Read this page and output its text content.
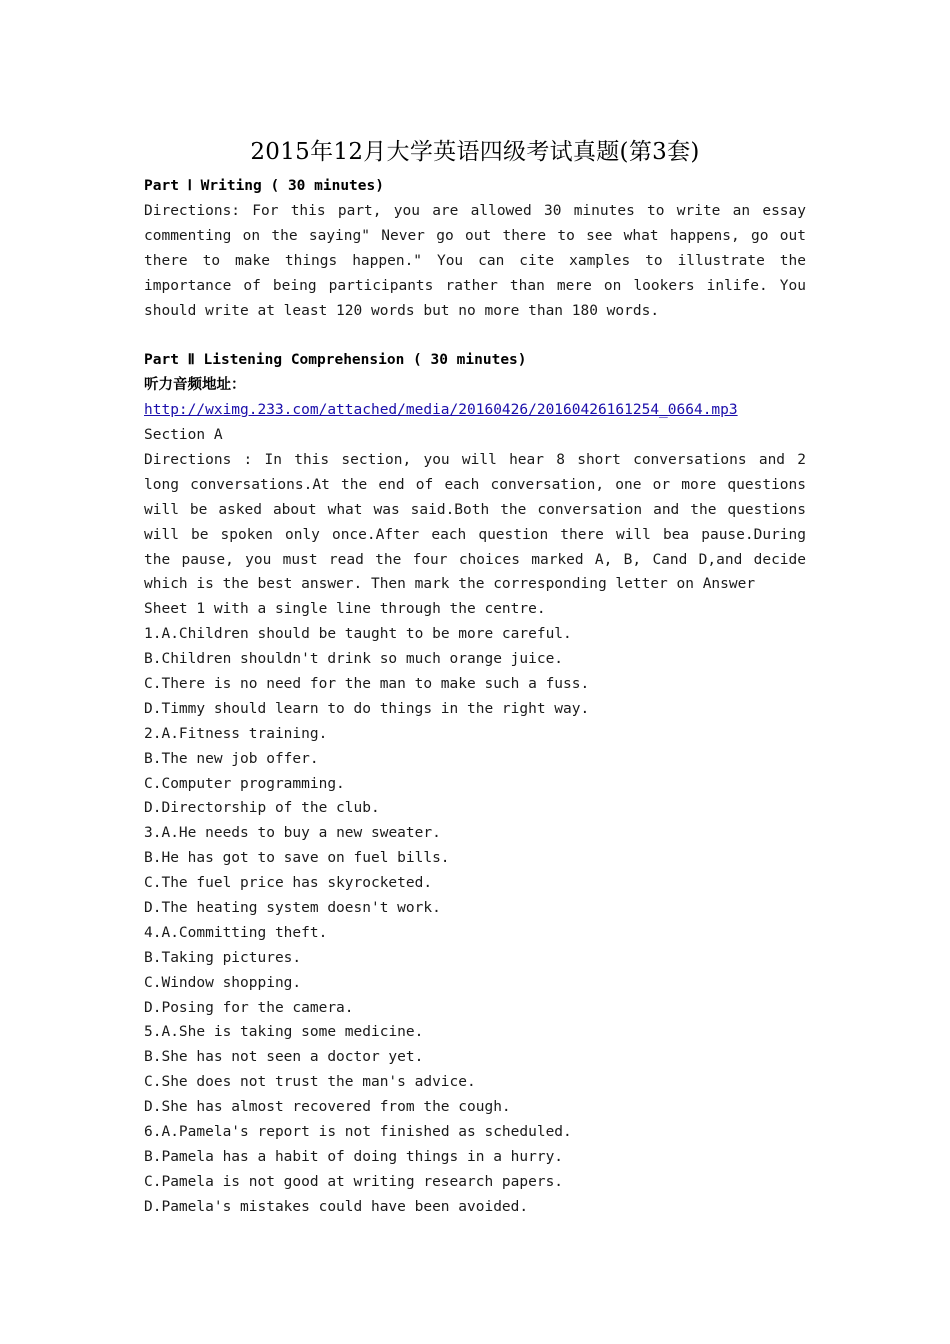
2015年12月大学英语四级考试真题(第3套)
Part Ⅰ Writing ( 30 minutes)

Directions: For this part, you are allowed 30 minutes to write an essay commenting on the saying" Never go out there to see what happens, go out there to make things happen." You can cite xamples to illustrate the importance of being participants rather than mere on lookers inlife. You should write at least 120 words but no more than 180 words.

Part Ⅱ Listening Comprehension ( 30 minutes)
听力音频地址：
http://wximg.233.com/attached/media/20160426/20160426161254_0664.mp3
Section A

Directions : In this section, you will hear 8 short conversations and 2 long conversations.At the end of each conversation, one or more questions will be asked about what was said.Both the conversation and the questions will be spoken only once.After each question there will bea pause.During the pause, you must read the four choices marked A, B, Cand D,and decide which is the best answer. Then mark the corresponding letter on Answer

Sheet 1 with a single line through the centre.
1.A.Children should be taught to be more careful.
B.Children shouldn't drink so much orange juice.
C.There is no need for the man to make such a fuss.
D.Timmy should learn to do things in the right way.
2.A.Fitness training.
B.The new job offer.
C.Computer programming.
D.Directorship of the club.
3.A.He needs to buy a new sweater.
B.He has got to save on fuel bills.
C.The fuel price has skyrocketed.
D.The heating system doesn't work.
4.A.Committing theft.
B.Taking pictures.
C.Window shopping.
D.Posing for the camera.
5.A.She is taking some medicine.
B.She has not seen a doctor yet.
C.She does not trust the man's advice.
D.She has almost recovered from the cough.
6.A.Pamela's report is not finished as scheduled.
B.Pamela has a habit of doing things in a hurry.
C.Pamela is not good at writing research papers.
D.Pamela's mistakes could have been avoided.
